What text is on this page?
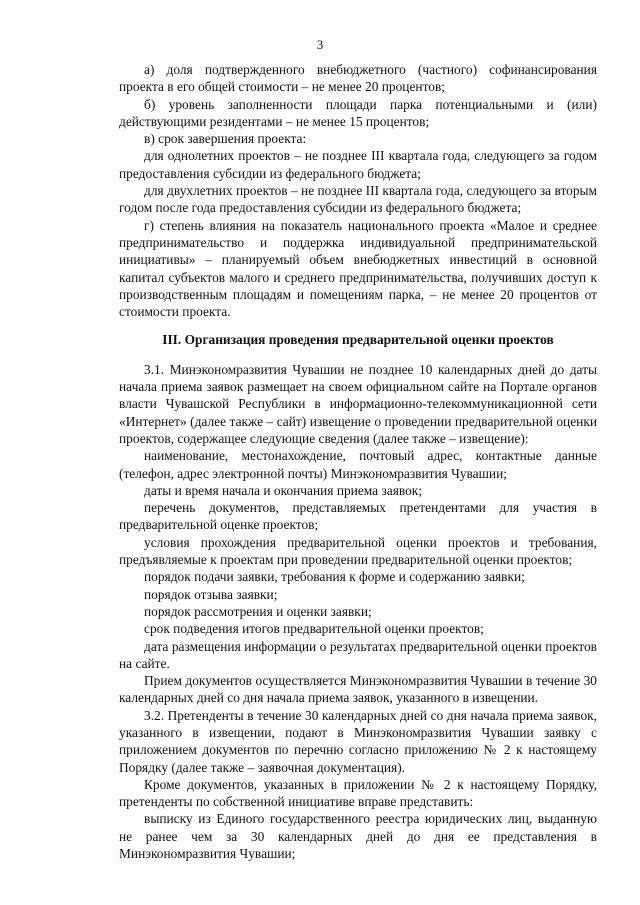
3

а) доля подтвержденного внебюджетного (частного) софинансирования проекта в его общей стоимости – не менее 20 процентов;

б) уровень заполненности площади парка потенциальными и (или) действующими резидентами – не менее 15 процентов;

в) срок завершения проекта:

для однолетних проектов – не позднее III квартала года, следующего за годом предоставления субсидии из федерального бюджета;

для двухлетних проектов – не позднее III квартала года, следующего за вторым годом после года предоставления субсидии из федерального бюджета;

г) степень влияния на показатель национального проекта «Малое и среднее предпринимательство и поддержка индивидуальной предпринимательской инициативы» – планируемый объем внебюджетных инвестиций в основной капитал субъектов малого и среднего предпринимательства, получивших доступ к производственным площадям и помещениям парка, – не менее 20 процентов от стоимости проекта.

III. Организация проведения предварительной оценки проектов

3.1. Минэкономразвития Чувашии не позднее 10 календарных дней до даты начала приема заявок размещает на своем официальном сайте на Портале органов власти Чувашской Республики в информационно-телекоммуникационной сети «Интернет» (далее также – сайт) извещение о проведении предварительной оценки проектов, содержащее следующие сведения (далее также – извещение):

наименование, местонахождение, почтовый адрес, контактные данные (телефон, адрес электронной почты) Минэкономразвития Чувашии;

даты и время начала и окончания приема заявок;

перечень документов, представляемых претендентами для участия в предварительной оценке проектов;

условия прохождения предварительной оценки проектов и требования, предъявляемые к проектам при проведении предварительной оценки проектов;

порядок подачи заявки, требования к форме и содержанию заявки;

порядок отзыва заявки;

порядок рассмотрения и оценки заявки;

срок подведения итогов предварительной оценки проектов;

дата размещения информации о результатах предварительной оценки проектов на сайте.

Прием документов осуществляется Минэкономразвития Чувашии в течение 30 календарных дней со дня начала приема заявок, указанного в извещении.

3.2. Претенденты в течение 30 календарных дней со дня начала приема заявок, указанного в извещении, подают в Минэкономразвития Чувашии заявку с приложением документов по перечню согласно приложению № 2 к настоящему Порядку (далее также – заявочная документация).

Кроме документов, указанных в приложении № 2 к настоящему Порядку, претенденты по собственной инициативе вправе представить:

выписку из Единого государственного реестра юридических лиц, выданную не ранее чем за 30 календарных дней до дня ее представления в Минэкономразвития Чувашии;
